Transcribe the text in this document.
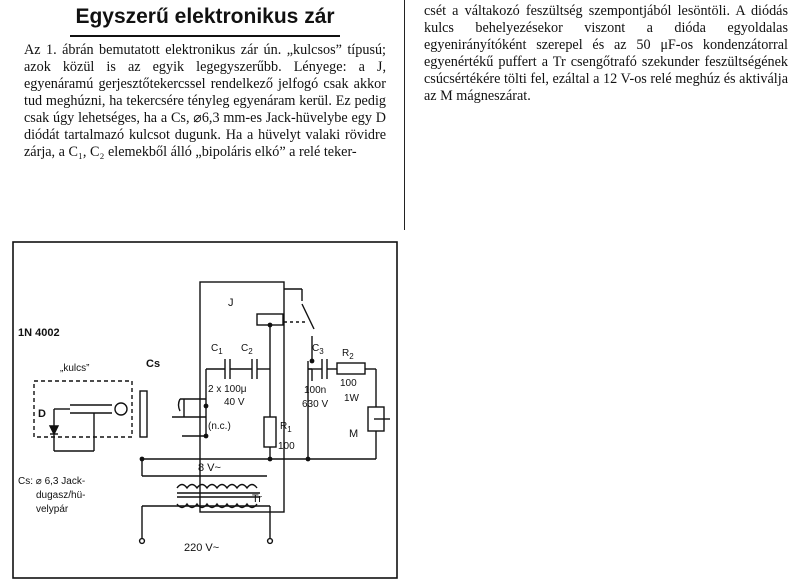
Egyszerű elektronikus zár

Az 1. ábrán bemutatott elektronikus zár ún. „kulcsos” típusú; azok közül is az egyik legegyszerűbb. Lényege: a J, egyenáramú gerjesztőtekercssel rendelkező jelfogó csak akkor tud meghúzni, ha tekercsére tényleg egyenáram kerül. Ez pedig csak úgy lehetséges, ha a Cs, ⌀6,3 mm-es Jack-hüvelybe egy D diódát tartalmazó kulcsot dugunk. Ha a hüvelyt valaki rövidre zárja, a C₁, C₂ elemekből álló „bipoláris elkó” a relé teker-

csét a váltakozó feszültség szempontjából lesöntöli. A diódás kulcs behelyezésekor viszont a dióda egyoldalas egyenirányítóként szerepel és az 50 μF-os kondenzátorral egyenértékű puffert a Tr csengőtrafó szekunder feszültségének csúcsértékére tölti fel, ezáltal a 12 V-os relé meghúz és aktiválja az M mágneszárat.

1N 4002
„kulcs”
D
Cs
Cs: ⌀ 6,3 Jack-
dugasz/hü-
velypár
J
$C_1$ $C_2$
2 x 100μ
40 V
(n.c.)	$R_1$
100
$C_3$
100n
630 V
$R_2$
100
1W
M
8 V~
Tr
220 V~
